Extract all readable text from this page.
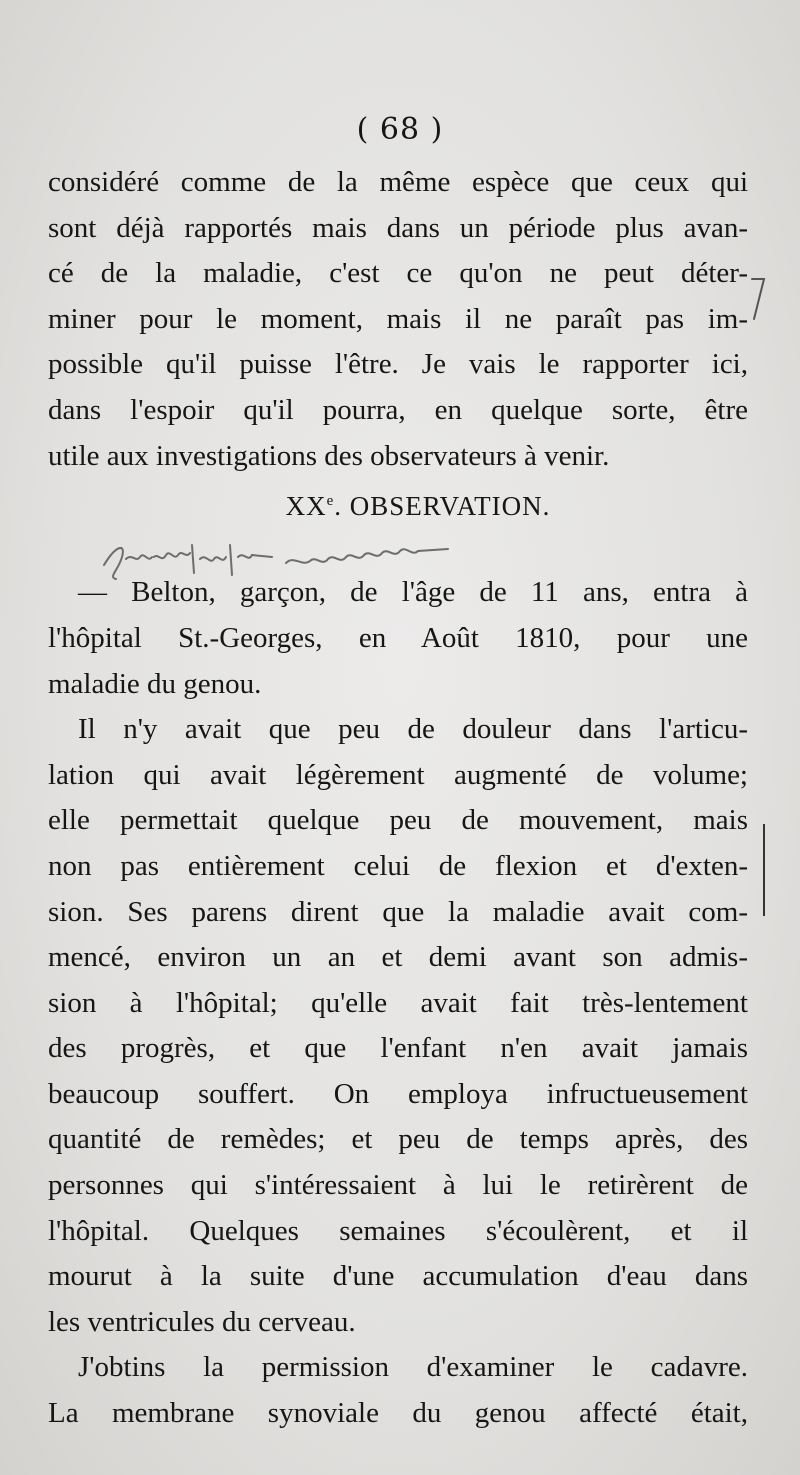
( 68 )
considéré comme de la même espèce que ceux qui
sont déjà rapportés mais dans un période plus avan-
cé de la maladie, c'est ce qu'on ne peut déter-
miner pour le moment, mais il ne paraît pas im-
possible qu'il puisse l'être. Je vais le rapporter ici,
dans l'espoir qu'il pourra, en quelque sorte, être
utile aux investigations des observateurs à venir.
XXe. OBSERVATION.
— Belton, garçon, de l'âge de 11 ans, entra à
l'hôpital St.-Georges, en Août 1810, pour une
maladie du genou.
Il n'y avait que peu de douleur dans l'articu-
lation qui avait légèrement augmenté de volume;
elle permettait quelque peu de mouvement, mais
non pas entièrement celui de flexion et d'exten-
sion. Ses parens dirent que la maladie avait com-
mencé, environ un an et demi avant son admis-
sion à l'hôpital; qu'elle avait fait très-lentement
des progrès, et que l'enfant n'en avait jamais
beaucoup souffert. On employa infructueusement
quantité de remèdes; et peu de temps après, des
personnes qui s'intéressaient à lui le retirèrent de
l'hôpital. Quelques semaines s'écoulèrent, et il
mourut à la suite d'une accumulation d'eau dans
les ventricules du cerveau.
J'obtins la permission d'examiner le cadavre.
La membrane synoviale du genou affecté était,
